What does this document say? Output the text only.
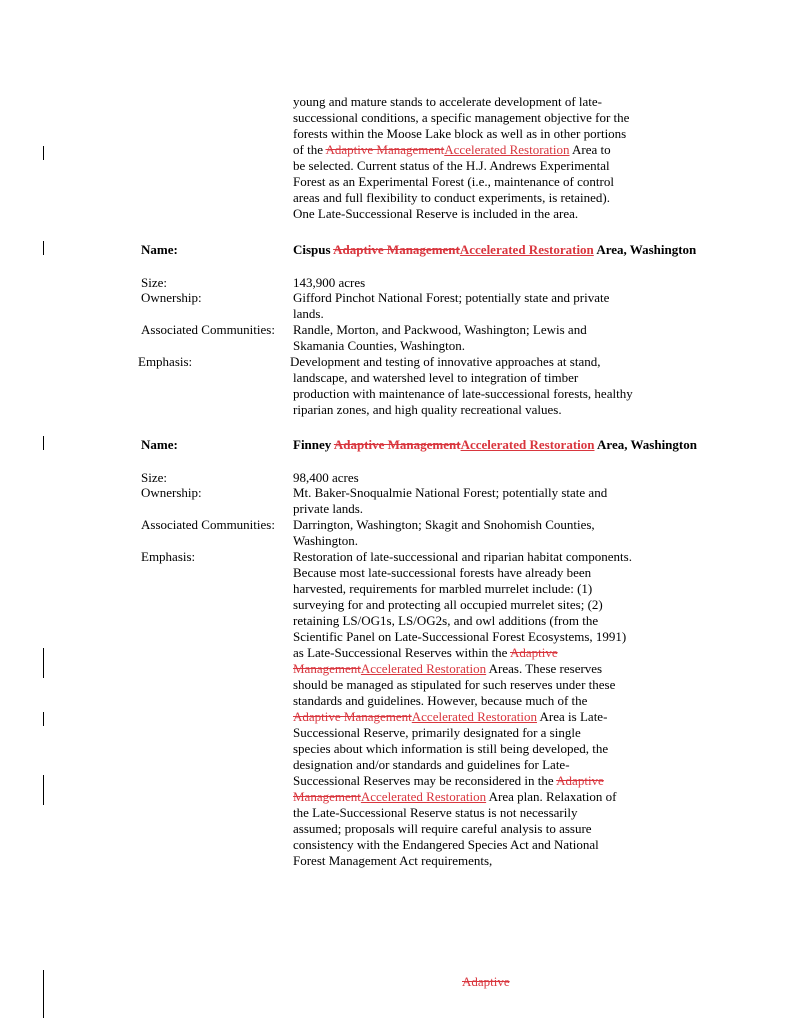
young and mature stands to accelerate development of late-
successional conditions, a specific management objective for the
forests within the Moose Lake block as well as in other portions
of the Adaptive ManagementAccelerated Restoration Area to
be selected. Current status of the H.J. Andrews Experimental
Forest as an Experimental Forest (i.e., maintenance of control
areas and full flexibility to conduct experiments, is retained).
One Late-Successional Reserve is included in the area.
Name:	Cispus Adaptive ManagementAccelerated Restoration Area, Washington
Size:	143,900 acres
Ownership:	Gifford Pinchot National Forest; potentially state and private
lands.
Associated Communities: Randle, Morton, and Packwood, Washington; Lewis and
Skamania Counties, Washington.
Emphasis:	Development and testing of innovative approaches at stand,
landscape, and watershed level to integration of timber
production with maintenance of late-successional forests, healthy
riparian zones, and high quality recreational values.
Name:	Finney Adaptive ManagementAccelerated Restoration Area, Washington
Size:	98,400 acres
Ownership:	Mt. Baker-Snoqualmie National Forest; potentially state and
private lands.
Associated Communities: Darrington, Washington; Skagit and Snohomish Counties,
Washington.
Emphasis:	Restoration of late-successional and riparian habitat components.
Because most late-successional forests have already been
harvested, requirements for marbled murrelet include: (1)
surveying for and protecting all occupied murrelet sites; (2)
retaining LS/OG1s, LS/OG2s, and owl additions (from the
Scientific Panel on Late-Successional Forest Ecosystems, 1991)
as Late-Successional Reserves within the Adaptive
ManagementAccelerated Restoration Areas. These reserves
should be managed as stipulated for such reserves under these
standards and guidelines. However, because much of the
Adaptive ManagementAccelerated Restoration Area is Late-
Successional Reserve, primarily designated for a single
species about which information is still being developed, the
designation and/or standards and guidelines for Late-
Successional Reserves may be reconsidered in the Adaptive
ManagementAccelerated Restoration Area plan. Relaxation of
the Late-Successional Reserve status is not necessarily
assumed; proposals will require careful analysis to assure
consistency with the Endangered Species Act and National
Forest Management Act requirements,
Adaptive
